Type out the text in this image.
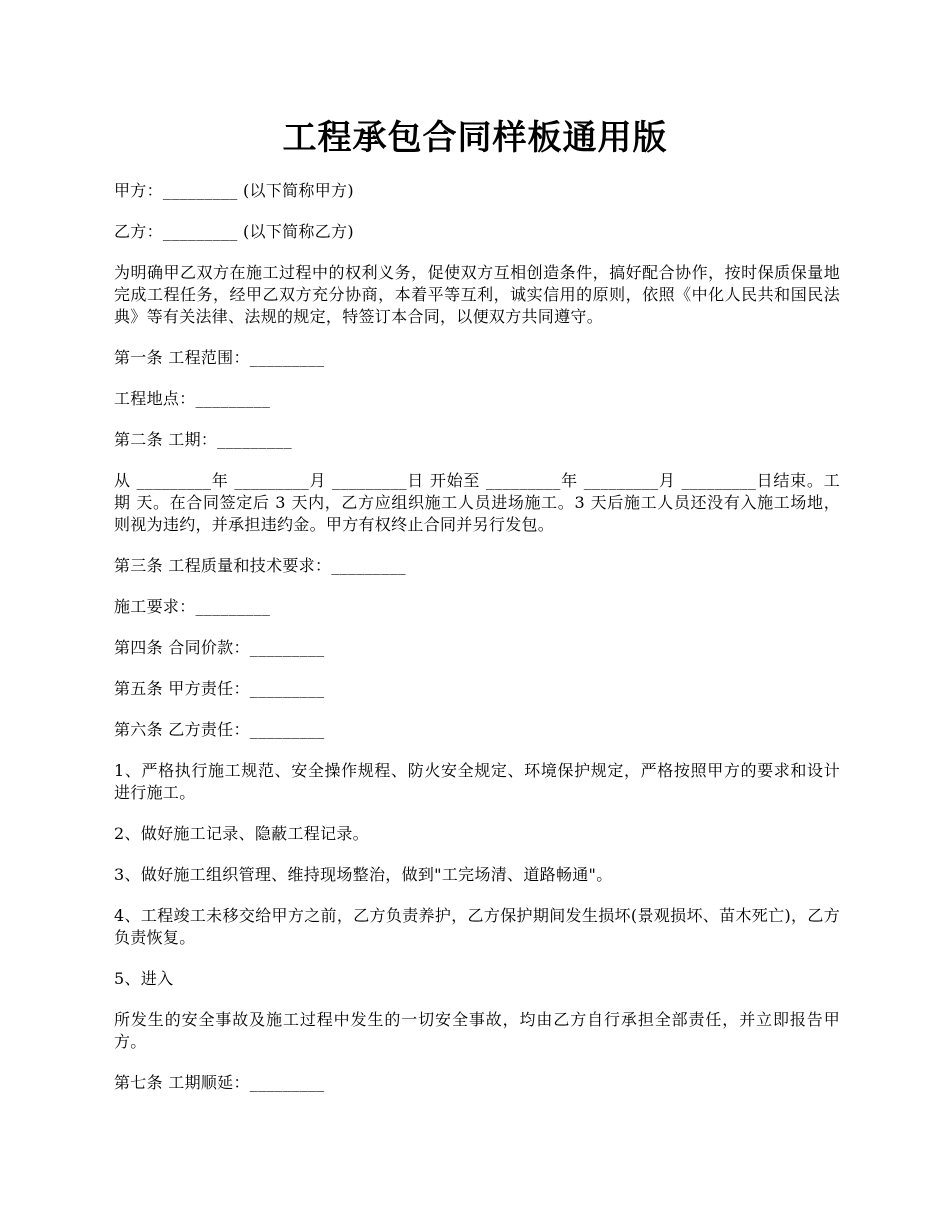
工程承包合同样板通用版

甲方：_________ (以下简称甲方)

乙方：_________ (以下简称乙方)

为明确甲乙双方在施工过程中的权利义务，促使双方互相创造条件，搞好配合协作，按时保质保量地完成工程任务，经甲乙双方充分协商，本着平等互利，诚实信用的原则，依照《中化人民共和国民法典》等有关法律、法规的规定，特签订本合同，以便双方共同遵守。

第一条 工程范围：_________

工程地点：_________

第二条 工期：_________

从 _________年 _________月 _________日 开始至 _________年 _________月 _________日结束。工期 天。在合同签定后 3 天内，乙方应组织施工人员进场施工。3 天后施工人员还没有入施工场地，则视为违约，并承担违约金。甲方有权终止合同并另行发包。

第三条 工程质量和技术要求：_________

施工要求：_________

第四条 合同价款：_________

第五条 甲方责任：_________

第六条 乙方责任：_________

1、严格执行施工规范、安全操作规程、防火安全规定、环境保护规定，严格按照甲方的要求和设计进行施工。

2、做好施工记录、隐蔽工程记录。

3、做好施工组织管理、维持现场整治，做到"工完场清、道路畅通"。

4、工程竣工未移交给甲方之前，乙方负责养护，乙方保护期间发生损坏(景观损坏、苗木死亡)，乙方负责恢复。

5、进入

所发生的安全事故及施工过程中发生的一切安全事故，均由乙方自行承担全部责任，并立即报告甲方。

第七条 工期顺延：_________
